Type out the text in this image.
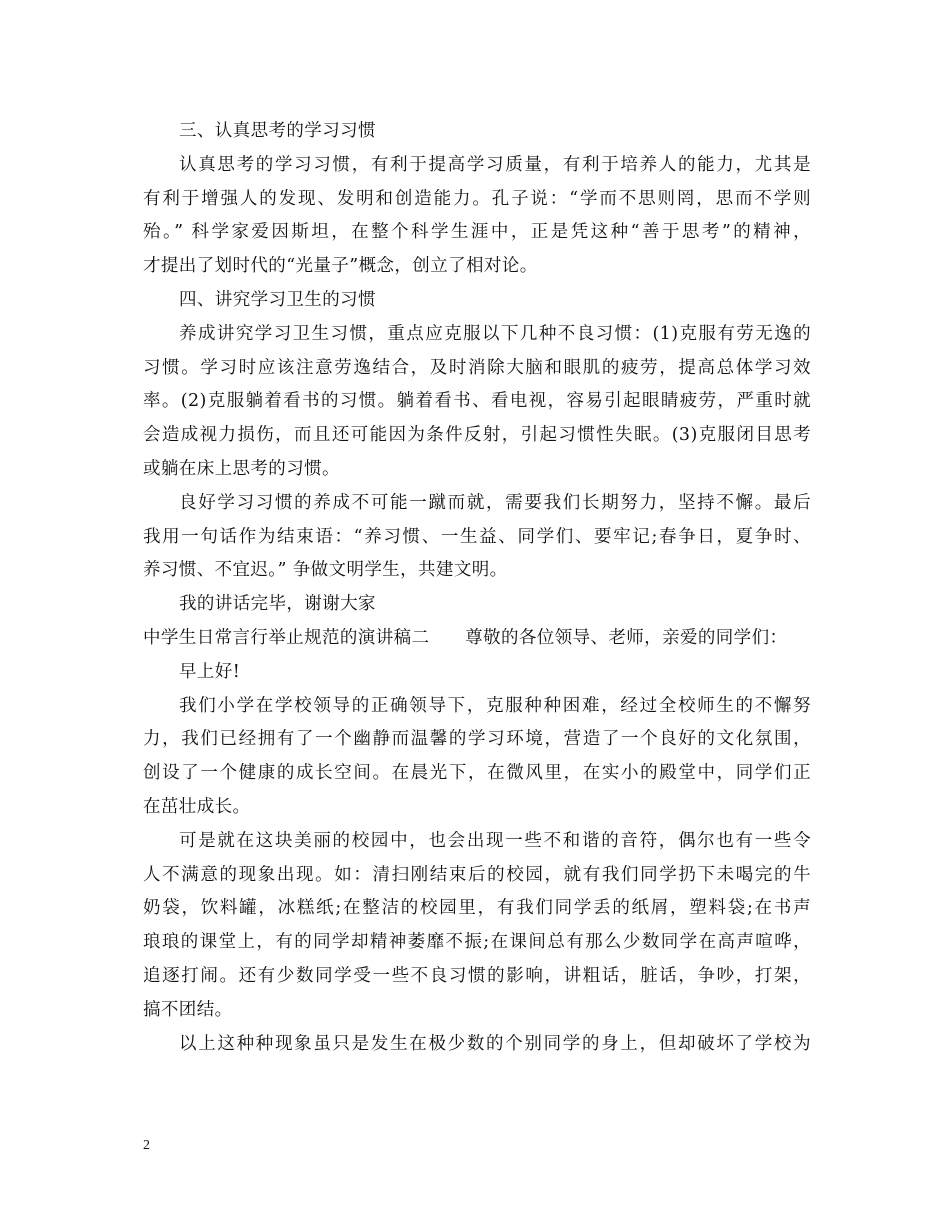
三、认真思考的学习习惯
认真思考的学习习惯，有利于提高学习质量，有利于培养人的能力，尤其是
有利于增强人的发现、发明和创造能力。孔子说：“学而不思则罔，思而不学则
殆。” 科学家爱因斯坦，在整个科学生涯中，正是凭这种“善于思考”的精神，
才提出了划时代的“光量子”概念，创立了相对论。
四、讲究学习卫生的习惯
养成讲究学习卫生习惯，重点应克服以下几种不良习惯：(1)克服有劳无逸的
习惯。学习时应该注意劳逸结合，及时消除大脑和眼肌的疲劳，提高总体学习效
率。(2)克服躺着看书的习惯。躺着看书、看电视，容易引起眼睛疲劳，严重时就
会造成视力损伤，而且还可能因为条件反射，引起习惯性失眠。(3)克服闭目思考
或躺在床上思考的习惯。
良好学习习惯的养成不可能一蹴而就，需要我们长期努力，坚持不懈。最后
我用一句话作为结束语：“养习惯、一生益、同学们、要牢记;春争日，夏争时、
养习惯、不宜迟。” 争做文明学生，共建文明。
我的讲话完毕，谢谢大家
中学生日常言行举止规范的演讲稿二      尊敬的各位领导、老师，亲爱的同学们：
早上好!
我们小学在学校领导的正确领导下，克服种种困难，经过全校师生的不懈努
力，我们已经拥有了一个幽静而温馨的学习环境，营造了一个良好的文化氛围，
创设了一个健康的成长空间。在晨光下，在微风里，在实小的殿堂中，同学们正
在茁壮成长。
可是就在这块美丽的校园中，也会出现一些不和谐的音符，偶尔也有一些令
人不满意的现象出现。如：清扫刚结束后的校园，就有我们同学扔下未喝完的牛
奶袋，饮料罐，冰糕纸;在整洁的校园里，有我们同学丢的纸屑，塑料袋;在书声
琅琅的课堂上，有的同学却精神萎靡不振;在课间总有那么少数同学在高声喧哗，
追逐打闹。还有少数同学受一些不良习惯的影响，讲粗话，脏话，争吵，打架，
搞不团结。
以上这种种现象虽只是发生在极少数的个别同学的身上，但却破坏了学校为
2
